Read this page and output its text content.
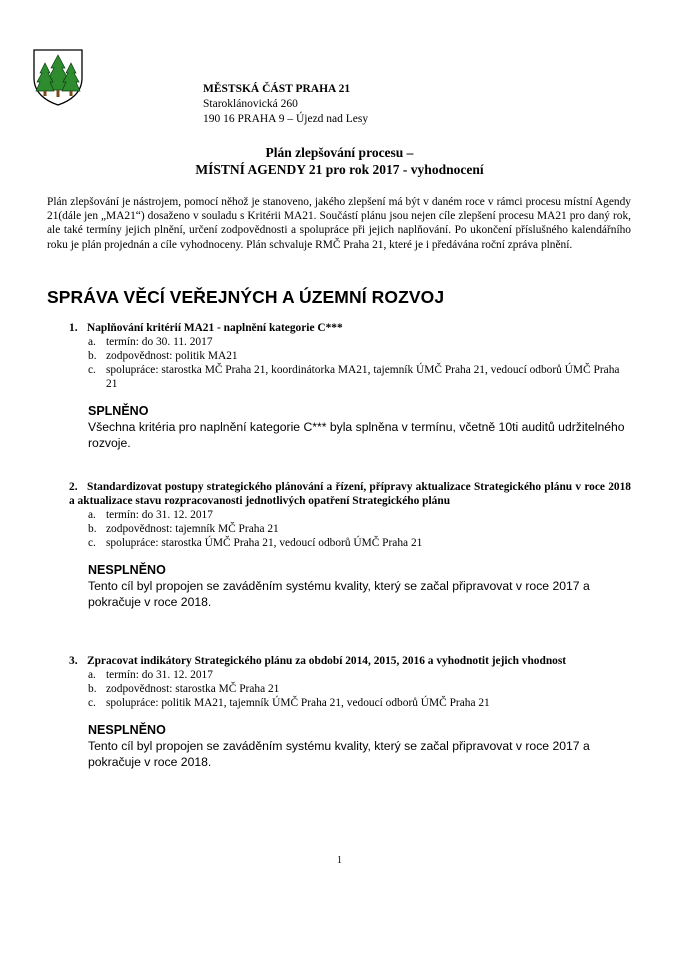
MĚSTSKÁ ČÁST PRAHA 21
Staroklánovická 260
190 16 PRAHA 9 – Újezd nad Lesy
Plán zlepšování procesu –
MÍSTNÍ AGENDY 21 pro rok 2017 - vyhodnocení
Plán zlepšování je nástrojem, pomocí něhož je stanoveno, jakého zlepšení má být v daném roce v rámci procesu místní Agendy 21(dále jen „MA21“) dosaženo v souladu s Kritérii MA21. Součástí plánu jsou nejen cíle zlepšení procesu MA21 pro daný rok, ale také termíny jejich plnění, určení zodpovědnosti a spolupráce při jejich naplňování. Po ukončení příslušného kalendářního roku je plán projednán a cíle vyhodnoceny. Plán schvaluje RMČ Praha 21, které je i předávána roční zpráva plnění.
SPRÁVA VĚCÍ VEŘEJNÝCH A ÚZEMNÍ ROZVOJ
1. Naplňování kritérií MA21 - naplnění kategorie C***
a. termín: do 30. 11. 2017
b. zodpovědnost: politik MA21
c. spolupráce: starostka MČ Praha 21, koordinátorka MA21, tajemník ÚMČ Praha 21, vedoucí odborů ÚMČ Praha 21
SPLNĚNO
Všechna kritéria pro naplnění kategorie C*** byla splněna v termínu, včetně 10ti auditů udržitelného rozvoje.
2. Standardizovat postupy strategického plánování a řízení, přípravy aktualizace Strategického plánu v roce 2018 a aktualizace stavu rozpracovanosti jednotlivých opatření Strategického plánu
a. termín: do 31. 12. 2017
b. zodpovědnost: tajemník MČ Praha 21
c. spolupráce: starostka ÚMČ Praha 21, vedoucí odborů ÚMČ Praha 21
NESPLNĚNO
Tento cíl byl propojen se zaváděním systému kvality, který se začal připravovat v roce 2017 a pokračuje v roce 2018.
3. Zpracovat indikátory Strategického plánu za období 2014, 2015, 2016 a vyhodnotit jejich vhodnost
a. termín: do 31. 12. 2017
b. zodpovědnost: starostka MČ Praha 21
c. spolupráce: politik MA21, tajemník ÚMČ Praha 21, vedoucí odborů ÚMČ Praha 21
NESPLNĚNO
Tento cíl byl propojen se zaváděním systému kvality, který se začal připravovat v roce 2017 a pokračuje v roce 2018.
1
